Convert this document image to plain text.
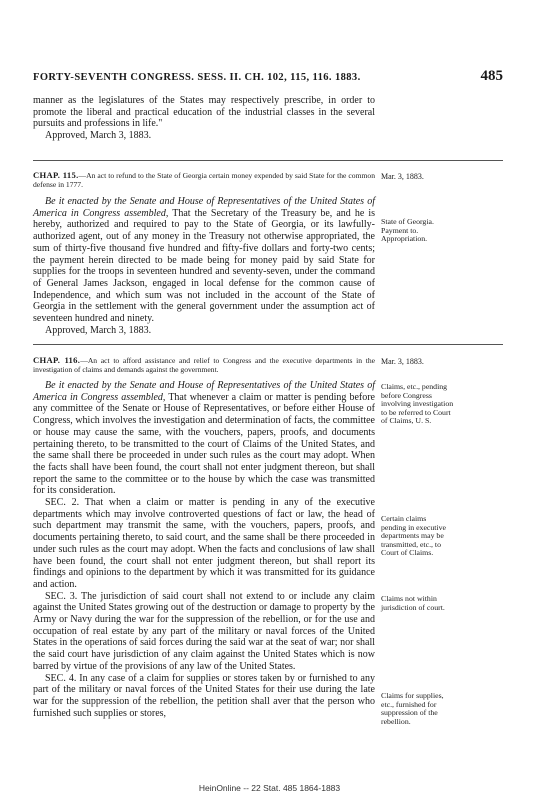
FORTY-SEVENTH CONGRESS. SESS. II. CH. 102, 115, 116. 1883.	485

manner as the legislatures of the States may respectively prescribe, in order to promote the liberal and practical education of the industrial classes in the several pursuits and professions in life."

Approved, March 3, 1883.

CHAP. 115.—An act to refund to the State of Georgia certain money expended by said State for the common defense in 1777.

Mar. 3, 1883.

Be it enacted by the Senate and House of Representatives of the United States of America in Congress assembled, That the Secretary of the Treasury be, and he is hereby, authorized and required to pay to the State of Georgia, or its lawfully-authorized agent, out of any money in the Treasury not otherwise appropriated, the sum of thirty-five thousand five hundred and fifty-five dollars and forty-two cents; the payment herein directed to be made being for money paid by said State for supplies for the troops in seventeen hundred and seventy-seven, under the command of General James Jackson, engaged in local defense for the common cause of Independence, and which sum was not included in the account of the State of Georgia in the settlement with the general government under the assumption act of seventeen hundred and ninety.

Approved, March 3, 1883.

State of Georgia. Payment to. Appropriation.

CHAP. 116.—An act to afford assistance and relief to Congress and the executive departments in the investigation of claims and demands against the government.

Mar. 3, 1883.

Be it enacted by the Senate and House of Representatives of the United States of America in Congress assembled, That whenever a claim or matter is pending before any committee of the Senate or House of Representatives, or before either House of Congress, which involves the investigation and determination of facts, the committee or house may cause the same, with the vouchers, papers, proofs, and documents pertaining thereto, to be transmitted to the court of Claims of the United States, and the same shall there be proceeded in under such rules as the court may adopt. When the facts shall have been found, the court shall not enter judgment thereon, but shall report the same to the committee or to the house by which the case was transmitted for its consideration.

SEC. 2. That when a claim or matter is pending in any of the executive departments which may involve controverted questions of fact or law, the head of such department may transmit the same, with the vouchers, papers, proofs, and documents pertaining thereto, to said court, and the same shall be there proceeded in under such rules as the court may adopt. When the facts and conclusions of law shall have been found, the court shall not enter judgment thereon, but shall report its findings and opinions to the department by which it was transmitted for its guidance and action.

SEC. 3. The jurisdiction of said court shall not extend to or include any claim against the United States growing out of the destruction or damage to property by the Army or Navy during the war for the suppression of the rebellion, or for the use and occupation of real estate by any part of the military or naval forces of the United States in the operations of said forces during the said war at the seat of war; nor shall the said court have jurisdiction of any claim against the United States which is now barred by virtue of the provisions of any law of the United States.

SEC. 4. In any case of a claim for supplies or stores taken by or furnished to any part of the military or naval forces of the United States for their use during the late war for the suppression of the rebellion, the petition shall aver that the person who furnished such supplies or stores,

Claims, etc., pending before Congress involving investigation to be referred to Court of Claims, U. S.
Certain claims pending in executive departments may be transmitted, etc., to Court of Claims.
Claims not within jurisdiction of court.
Claims for supplies, etc., furnished for suppression of the rebellion.
HeinOnline -- 22 Stat. 485 1864-1883
